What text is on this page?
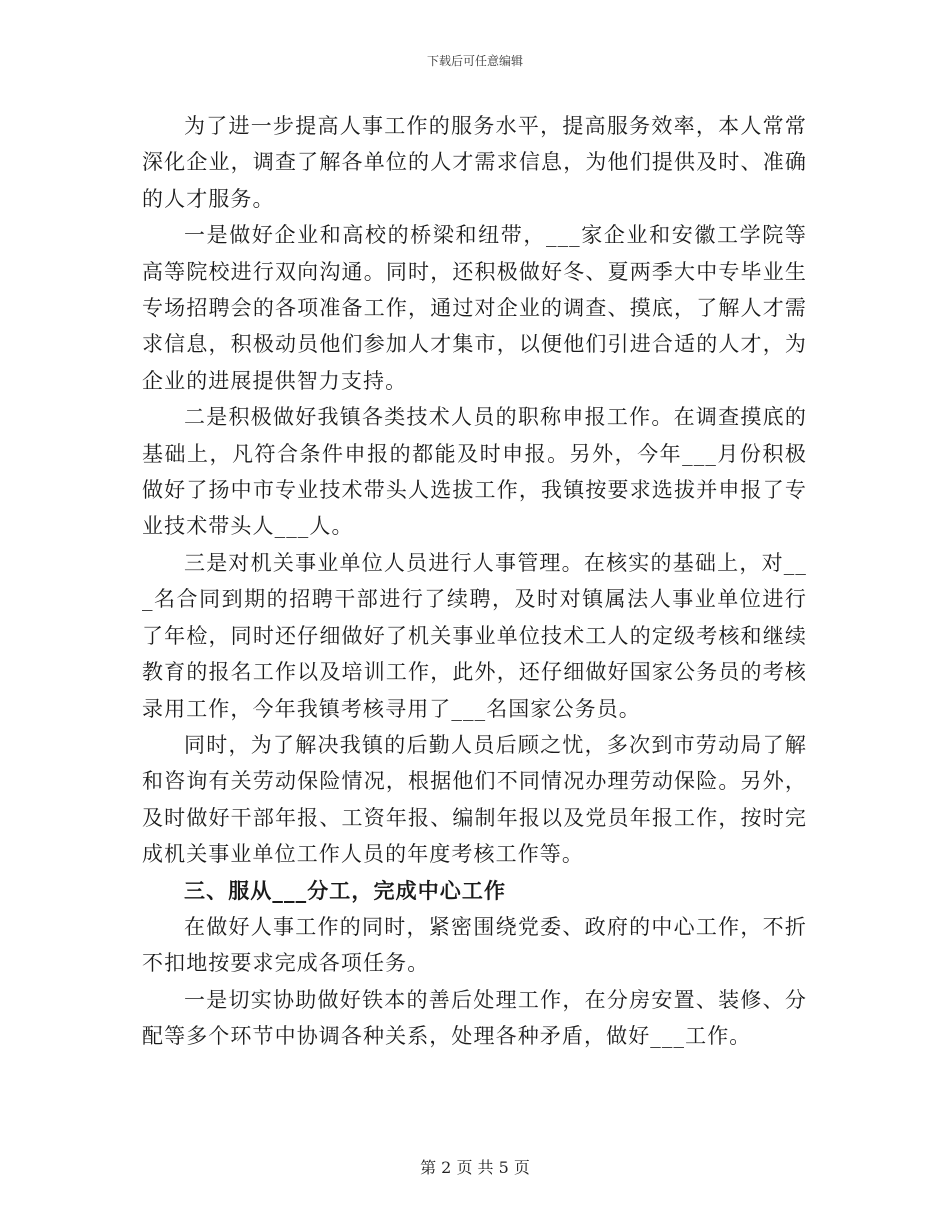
下载后可任意编辑

为了进一步提高人事工作的服务水平，提高服务效率，本人常常深化企业，调查了解各单位的人才需求信息，为他们提供及时、准确的人才服务。

一是做好企业和高校的桥梁和纽带，___家企业和安徽工学院等高等院校进行双向沟通。同时，还积极做好冬、夏两季大中专毕业生专场招聘会的各项准备工作，通过对企业的调查、摸底，了解人才需求信息，积极动员他们参加人才集市，以便他们引进合适的人才，为企业的进展提供智力支持。

二是积极做好我镇各类技术人员的职称申报工作。在调查摸底的基础上，凡符合条件申报的都能及时申报。另外，今年___月份积极做好了扬中市专业技术带头人选拔工作，我镇按要求选拔并申报了专业技术带头人___人。

三是对机关事业单位人员进行人事管理。在核实的基础上，对___名合同到期的招聘干部进行了续聘，及时对镇属法人事业单位进行了年检，同时还仔细做好了机关事业单位技术工人的定级考核和继续教育的报名工作以及培训工作，此外，还仔细做好国家公务员的考核录用工作，今年我镇考核寻用了___名国家公务员。

同时，为了解决我镇的后勤人员后顾之忧，多次到市劳动局了解和咨询有关劳动保险情况，根据他们不同情况办理劳动保险。另外，及时做好干部年报、工资年报、编制年报以及党员年报工作，按时完成机关事业单位工作人员的年度考核工作等。

三、服从___分工，完成中心工作

在做好人事工作的同时，紧密围绕党委、政府的中心工作，不折不扣地按要求完成各项任务。

一是切实协助做好铁本的善后处理工作，在分房安置、装修、分配等多个环节中协调各种关系，处理各种矛盾，做好___工作。

第 2 页 共 5 页
